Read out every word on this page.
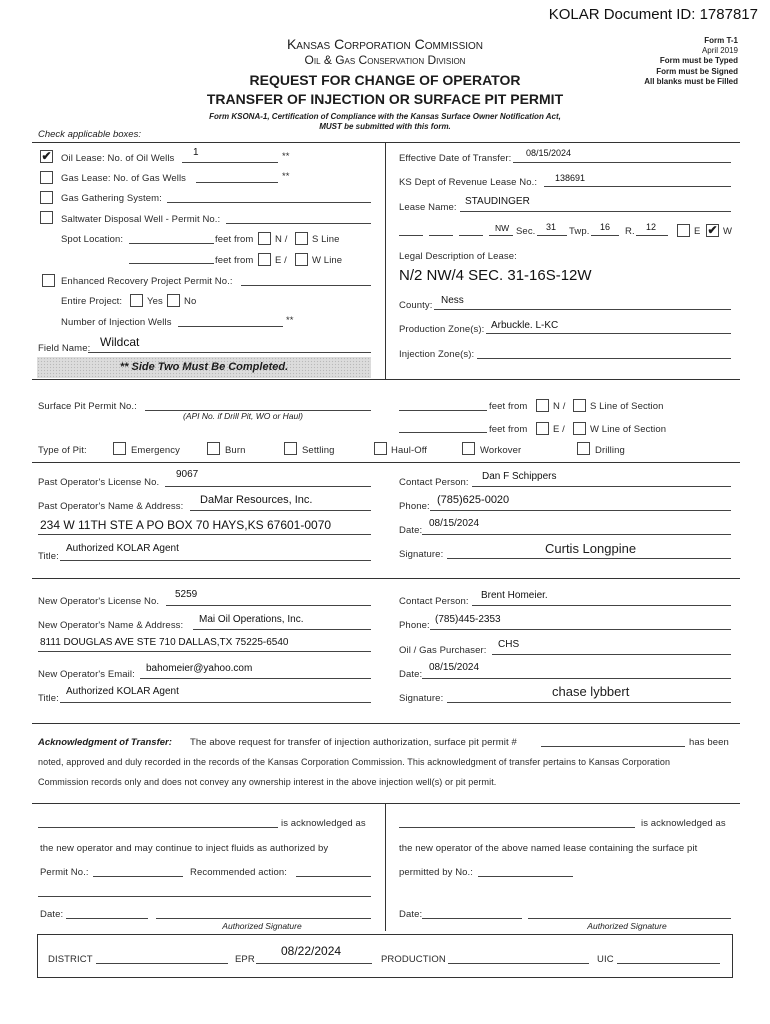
KOLAR Document ID: 1787817
Kansas Corporation Commission
Oil & Gas Conservation Division
REQUEST FOR CHANGE OF OPERATOR
TRANSFER OF INJECTION OR SURFACE PIT PERMIT
Form KSONA-1, Certification of Compliance with the Kansas Surface Owner Notification Act,
MUST be submitted with this form.
Form T-1
April 2019
Form must be Typed
Form must be Signed
All blanks must be Filled
Check applicable boxes:
✔ Oil Lease: No. of Oil Wells
1	**
Gas Lease: No. of Gas Wells	**
Gas Gathering System:
Saltwater Disposal Well - Permit No.:
Spot Location:	feet from N /	S Line
feet from E /	W Line
Enhanced Recovery Project Permit No.:
Entire Project:	Yes No
Number of Injection Wells	**
Field Name: Wildcat
** Side Two Must Be Completed.
Effective Date of Transfer: 08/15/2024
KS Dept of Revenue Lease No.: 138691
Lease Name:
STAUDINGER
NW Sec. 31 Twp. 16 R. 12	E ✔ W
Legal Description of Lease:
N/2 NW/4 SEC. 31-16S-12W
County: Ness
Production Zone(s): Arbuckle. L-KC
Injection Zone(s):
Surface Pit Permit No.:
(API No. if Drill Pit, WO or Haul)
feet from	N /	S Line of Section
feet from	E /	W Line of Section
Type of Pit:	Emergency	Burn	Settling	Haul-Off	Workover	Drilling
Past Operator's License No.
9067
Past Operator's Name & Address:
DaMar Resources, Inc.
234 W 11TH STE A PO BOX 70 HAYS,KS 67601-0070
Title:
Authorized KOLAR Agent
Contact Person:
Dan F Schippers
Phone:
(785)625-0020
Date:
08/15/2024
Signature:	Curtis Longpine
New Operator's License No.
5259
New Operator's Name & Address:
Mai Oil Operations, Inc.
8111 DOUGLAS AVE STE 710 DALLAS,TX 75225-6540
New Operator's Email:
bahomeier@yahoo.com
Title:
Authorized KOLAR Agent
Contact Person:
Brent Homeier.
Phone:
(785)445-2353
Oil / Gas Purchaser:
CHS
Date:
08/15/2024
Signature:	chase lybbert
Acknowledgment of Transfer: The above request for transfer of injection authorization, surface pit permit #	has been
noted, approved and duly recorded in the records of the Kansas Corporation Commission. This acknowledgment of transfer pertains to Kansas Corporation
Commission records only and does not convey any ownership interest in the above injection well(s) or pit permit.
is acknowledged as
the new operator and may continue to inject fluids as authorized by
Permit No.:	Recommended action:
Date:
Authorized Signature
is acknowledged as
the new operator of the above named lease containing the surface pit
permitted by No.:
Date:
Authorized Signature
DISTRICT	EPR
08/22/2024
PRODUCTION	UIC
